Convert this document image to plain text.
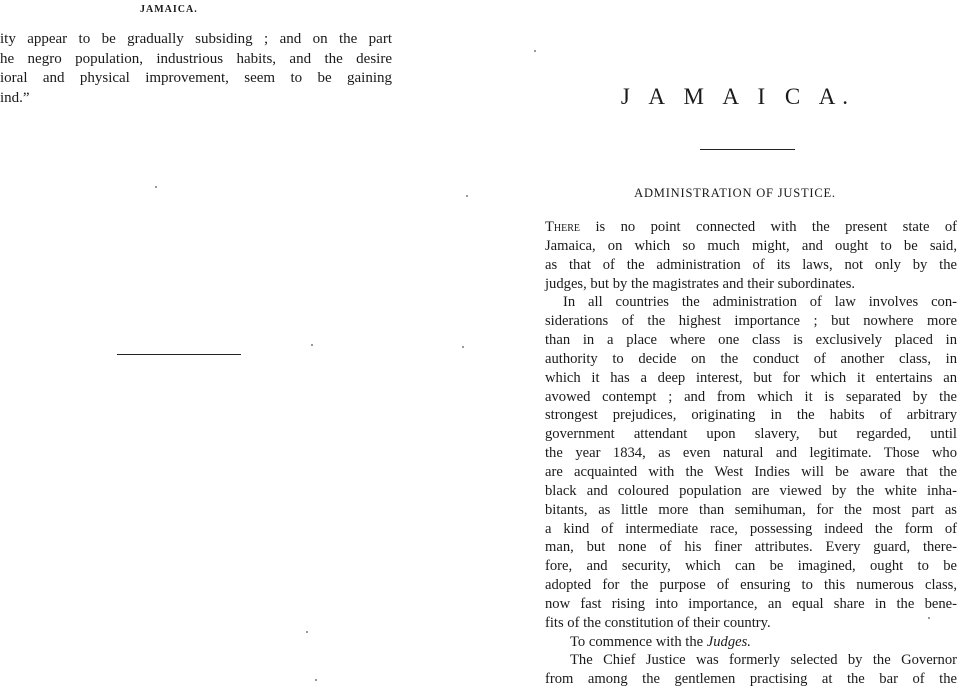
JAMAICA.
ity appear to be gradually subsiding ; and on the part
he negro population, industrious habits, and the desire
ioral and physical improvement, seem to be gaining
ind.”	J A M A I C A.
ADMINISTRATION OF JUSTICE.

There is no point connected with the present state of
Jamaica, on which so much might, and ought to be said,
as that of the administration of its laws, not only by the
judges, but by the magistrates and their subordinates.

In all countries the administration of law involves con-
siderations of the highest importance ; but nowhere more
than in a place where one class is exclusively placed in
authority to decide on the conduct of another class, in
which it has a deep interest, but for which it entertains an
avowed contempt ; and from which it is separated by the
strongest prejudices, originating in the habits of arbitrary
government attendant upon slavery, but regarded, until
the year 1834, as even natural and legitimate. Those who
are acquainted with the West Indies will be aware that the
black and coloured population are viewed by the white inha-
bitants, as little more than semihuman, for the most part as
a kind of intermediate race, possessing indeed the form of
man, but none of his finer attributes. Every guard, there-
fore, and security, which can be imagined, ought to be
adopted for the purpose of ensuring to this numerous class,
now fast rising into importance, an equal share in the bene-
fits of the constitution of their country.

To commence with the Judges.

The Chief Justice was formerly selected by the Governor
from among the gentlemen practising at the bar of the
